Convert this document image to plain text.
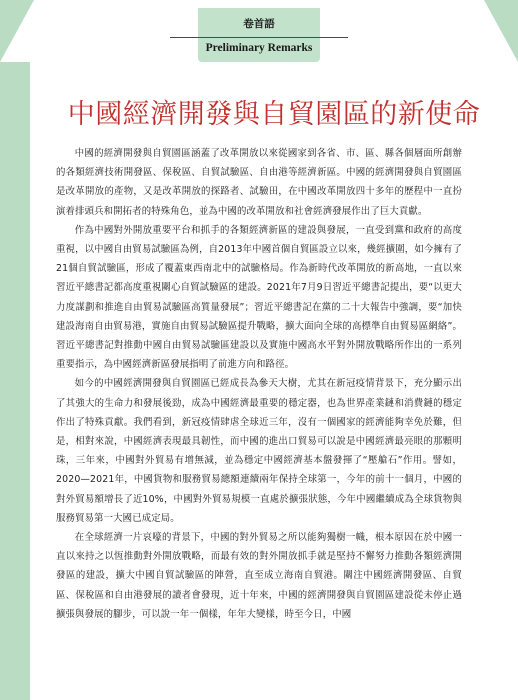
卷首語
Preliminary Remarks
中國經濟開發與自貿園區的新使命

中國的經濟開發與自貿園區涵蓋了改革開放以來從國家到各省、市、區、縣各個層面所創辦的各類經濟技術開發區、保稅區、自貿試驗區、自由港等經濟新區。中國的經濟開發與自貿園區是改革開放的產物，又是改革開放的探路者、試驗田，在中國改革開放四十多年的歷程中一直扮演着排頭兵和開拓者的特殊角色，並為中國的改革開放和社會經濟發展作出了巨大貢獻。

作為中國對外開放重要平台和抓手的各類經濟新區的建設與發展，一直受到黨和政府的高度重視，以中國自由貿易試驗區為例，自2013年中國首個自貿區設立以來，幾經擴圍，如今擁有了21個自貿試驗區，形成了覆蓋東西南北中的試驗格局。作為新時代改革開放的新高地，一直以來習近平總書記都高度重視關心自貿試驗區的建設。2021年7月9日習近平總書記提出，要“以更大力度謀劃和推進自由貿易試驗區高質量發展”；習近平總書記在黨的二十大報告中強調，要“加快建設海南自由貿易港，實施自由貿易試驗區提升戰略，擴大面向全球的高標準自由貿易區網絡”。習近平總書記對推動中國自由貿易試驗區建設以及實施中國高水平對外開放戰略所作出的一系列重要指示，為中國經濟新區發展指明了前進方向和路徑。

如今的中國經濟開發與自貿園區已經成長為參天大樹，尤其在新冠疫情背景下，充分顯示出了其強大的生命力和發展後勁，成為中國經濟最重要的穩定器，也為世界產業鏈和消費鏈的穩定作出了特殊貢獻。我們看到，新冠疫情肆虐全球近三年，沒有一個國家的經濟能夠幸免於難，但是，相對來說，中國經濟表現最具韌性，而中國的進出口貿易可以說是中國經濟最亮眼的那顆明珠，三年來，中國對外貿易有增無減，並為穩定中國經濟基本盤發揮了“壓艙石”作用。譬如，2020—2021年，中國貨物和服務貿易總額連續兩年保持全球第一，今年的前十一個月，中國的對外貿易額增長了近10%，中國對外貿易規模一直處於擴張狀態，今年中國繼續成為全球貨物與服務貿易第一大國已成定局。

在全球經濟一片哀嚎的背景下，中國的對外貿易之所以能夠獨樹一幟，根本原因在於中國一直以來持之以恆推動對外開放戰略，而最有效的對外開放抓手就是堅持不懈努力推動各類經濟開發區的建設，擴大中國自貿試驗區的陣營，直至成立海南自貿港。關注中國經濟開發區、自貿區、保稅區和自由港發展的讀者會發現，近十年來，中國的經濟開發與自貿園區建設從未停止過擴張與發展的腳步，可以說一年一個樣，年年大變樣，時至今日，中國
